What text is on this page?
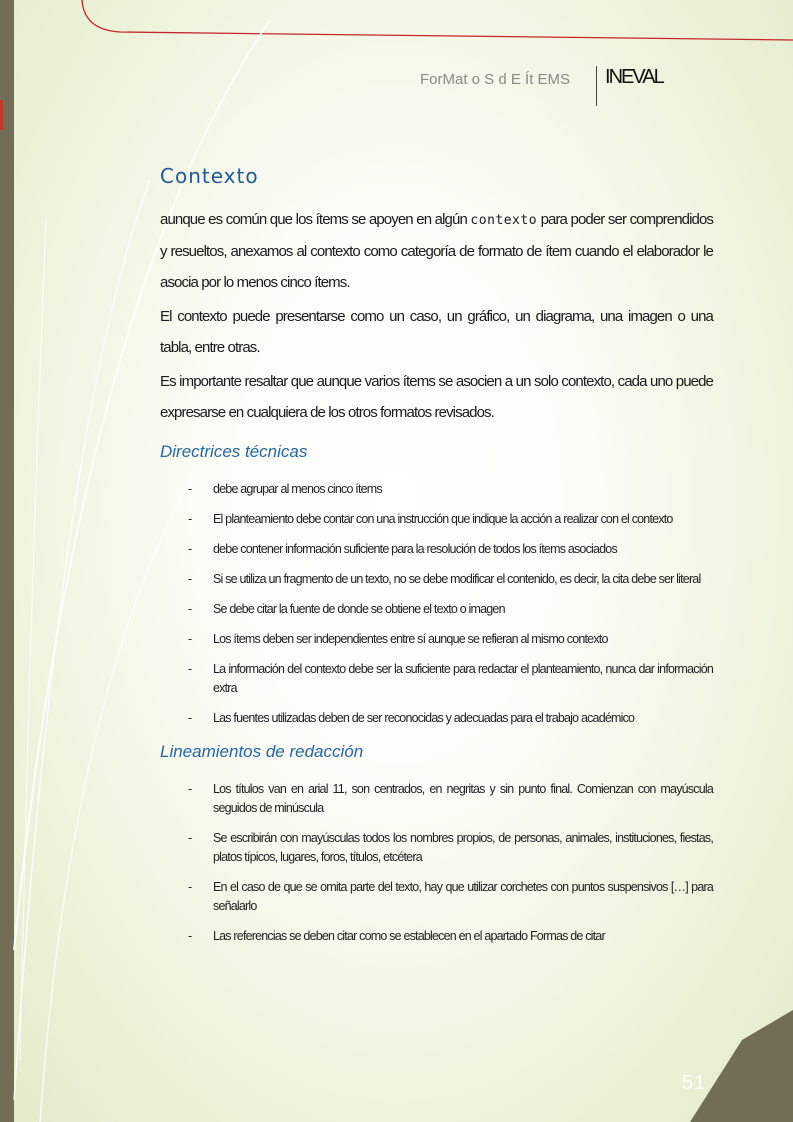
ForMat o S d E Ít EMS INEVAL
Contexto

aunque es común que los ítems se apoyen en algún contexto para poder ser comprendidos y resueltos, anexamos al contexto como categoría de formato de ítem cuando el elaborador le asocia por lo menos cinco ítems.

El contexto puede presentarse como un caso, un gráfico, un diagrama, una imagen o una tabla, entre otras.

Es importante resaltar que aunque varios ítems se asocien a un solo contexto, cada uno puede expresarse en cualquiera de los otros formatos revisados.

Directrices técnicas
- debe agrupar al menos cinco ítems
- El planteamiento debe contar con una instrucción que indique la acción a realizar con el contexto
- debe contener información suficiente para la resolución de todos los ítems asociados
- Si se utiliza un fragmento de un texto, no se debe modificar el contenido, es decir, la cita debe ser literal
- Se debe citar la fuente de donde se obtiene el texto o imagen
- Los ítems deben ser independientes entre sí aunque se refieran al mismo contexto
- La información del contexto debe ser la suficiente para redactar el planteamiento, nunca dar información extra
- Las fuentes utilizadas deben de ser reconocidas y adecuadas para el trabajo académico
Lineamientos de redacción
- Los títulos van en arial 11, son centrados, en negritas y sin punto final. Comienzan con mayúscula seguidos de minúscula
- Se escribirán con mayúsculas todos los nombres propios, de personas, animales, instituciones, fiestas, platos típicos, lugares, foros, títulos, etcétera
- En el caso de que se omita parte del texto, hay que utilizar corchetes con puntos suspensivos […] para señalarlo
- Las referencias se deben citar como se establecen en el apartado Formas de citar
51
